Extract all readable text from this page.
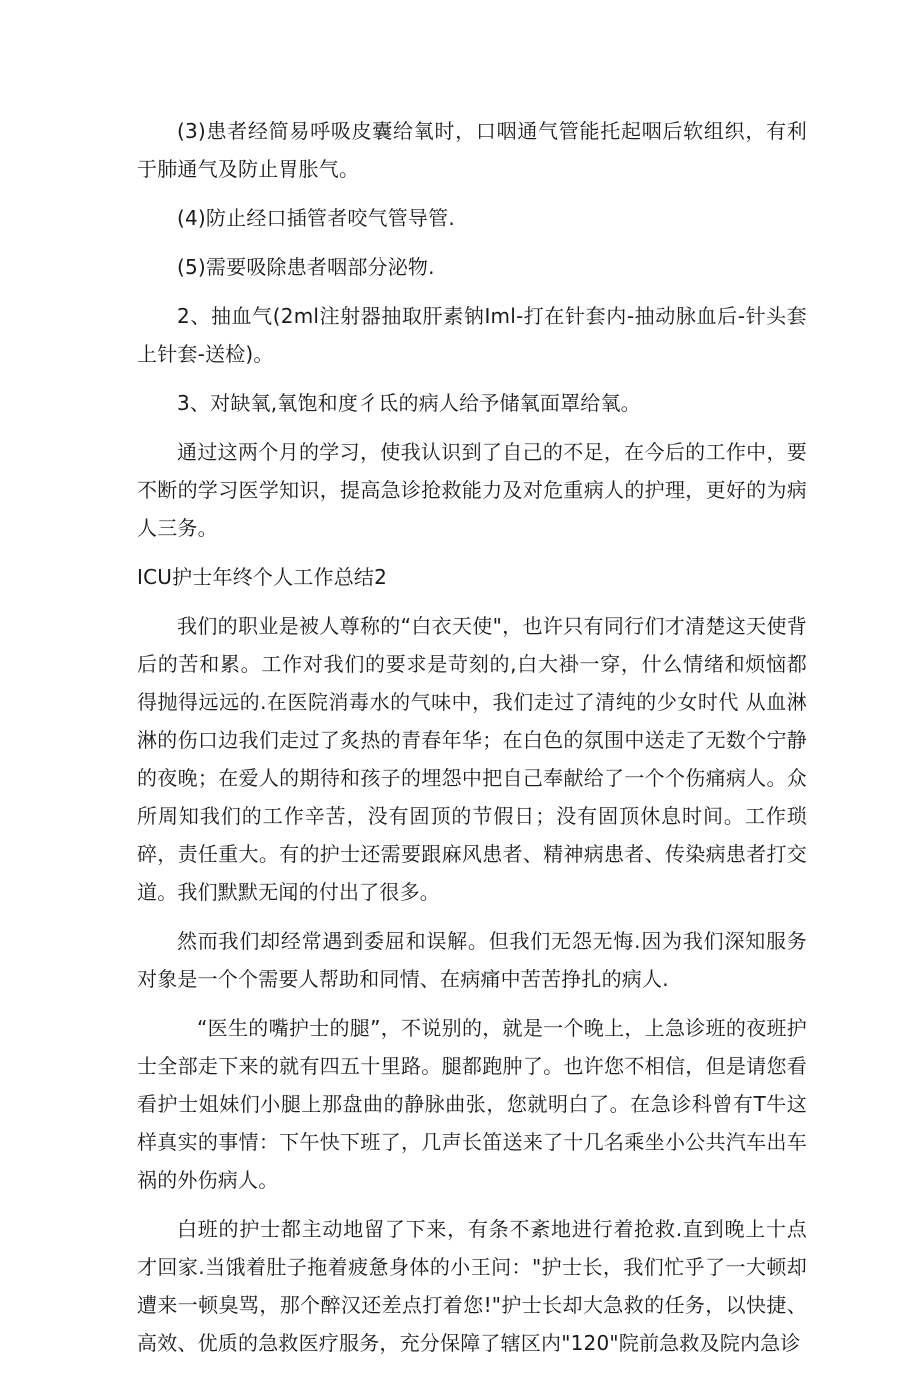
(3)患者经简易呼吸皮囊给氧时，口咽通气管能托起咽后软组织，有利于肺通气及防止胃胀气。

(4)防止经口插管者咬气管导管.

(5)需要吸除患者咽部分泌物.

2、抽血气(2ml注射器抽取肝素钠Iml-打在针套内-抽动脉血后-针头套上针套-送检)。

3、对缺氧,氧饱和度彳氐的病人给予储氧面罩给氧。

通过这两个月的学习，使我认识到了自己的不足，在今后的工作中，要不断的学习医学知识，提高急诊抢救能力及对危重病人的护理，更好的为病人三务。

ICU护士年终个人工作总结2

我们的职业是被人尊称的“白衣天使"，也许只有同行们才清楚这天使背后的苦和累。工作对我们的要求是苛刻的,白大褂一穿，什么情绪和烦恼都得抛得远远的.在医院消毒水的气味中，我们走过了清纯的少女时代 从血淋淋的伤口边我们走过了炙热的青春年华；在白色的氛围中送走了无数个宁静的夜晚；在爱人的期待和孩子的埋怨中把自己奉献给了一个个伤痛病人。众所周知我们的工作辛苦，没有固顶的节假日；没有固顶休息时间。工作琐碎，责任重大。有的护士还需要跟麻风患者、精神病患者、传染病患者打交道。我们默默无闻的付出了很多。

然而我们却经常遇到委屈和误解。但我们无怨无悔.因为我们深知服务对象是一个个需要人帮助和同情、在病痛中苦苦挣扎的病人.

“医生的嘴护士的腿”，不说别的，就是一个晚上，上急诊班的夜班护士全部走下来的就有四五十里路。腿都跑肿了。也许您不相信，但是请您看看护士姐妹们小腿上那盘曲的静脉曲张，您就明白了。在急诊科曾有T牛这样真实的事情：下午快下班了，几声长笛送来了十几名乘坐小公共汽车出车祸的外伤病人。

白班的护士都主动地留了下来，有条不紊地进行着抢救.直到晚上十点才回家.当饿着肚子拖着疲惫身体的小王问："护士长，我们忙乎了一大顿却遭来一顿臭骂，那个醉汉还差点打着您!"护士长却大急救的任务，以快捷、高效、优质的急救医疗服务，充分保障了辖区内"120"院前急救及院内急诊
